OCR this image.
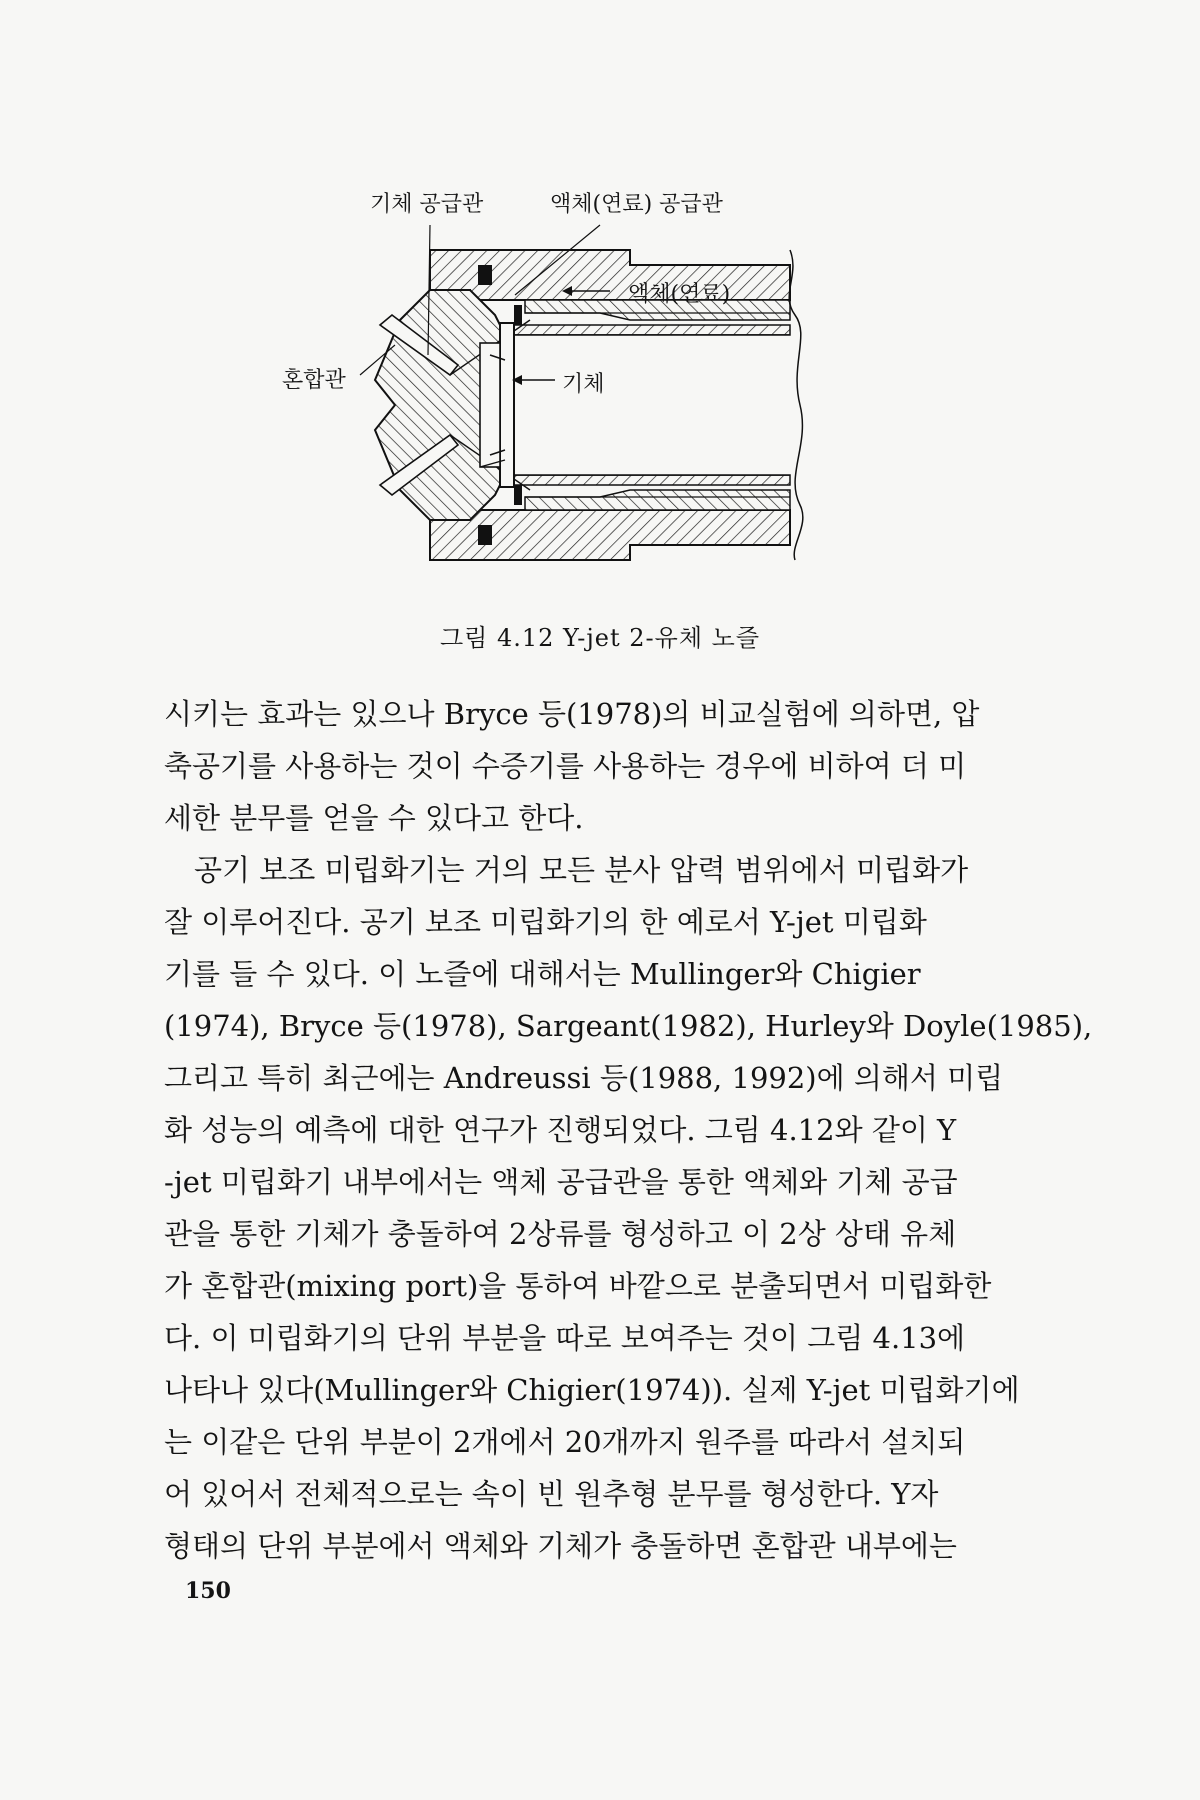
기체 공급관	액체(연료) 공급관
액체(연료)
혼합관	기체
그림 4.12 Y-jet 2-유체 노즐
시키는 효과는 있으나 Bryce 등(1978)의 비교실험에 의하면, 압
축공기를 사용하는 것이 수증기를 사용하는 경우에 비하여 더 미
세한 분무를 얻을 수 있다고 한다.
공기 보조 미립화기는 거의 모든 분사 압력 범위에서 미립화가
잘 이루어진다. 공기 보조 미립화기의 한 예로서 Y-jet 미립화
기를 들 수 있다. 이 노즐에 대해서는 Mullinger와 Chigier
(1974), Bryce 등(1978), Sargeant(1982), Hurley와 Doyle(1985),
그리고 특히 최근에는 Andreussi 등(1988, 1992)에 의해서 미립
화 성능의 예측에 대한 연구가 진행되었다. 그림 4.12와 같이 Y
-jet 미립화기 내부에서는 액체 공급관을 통한 액체와 기체 공급
관을 통한 기체가 충돌하여 2상류를 형성하고 이 2상 상태 유체
가 혼합관(mixing port)을 통하여 바깥으로 분출되면서 미립화한
다. 이 미립화기의 단위 부분을 따로 보여주는 것이 그림 4.13에
나타나 있다(Mullinger와 Chigier(1974)). 실제 Y-jet 미립화기에
는 이같은 단위 부분이 2개에서 20개까지 원주를 따라서 설치되
어 있어서 전체적으로는 속이 빈 원추형 분무를 형성한다. Y자
형태의 단위 부분에서 액체와 기체가 충돌하면 혼합관 내부에는
150
